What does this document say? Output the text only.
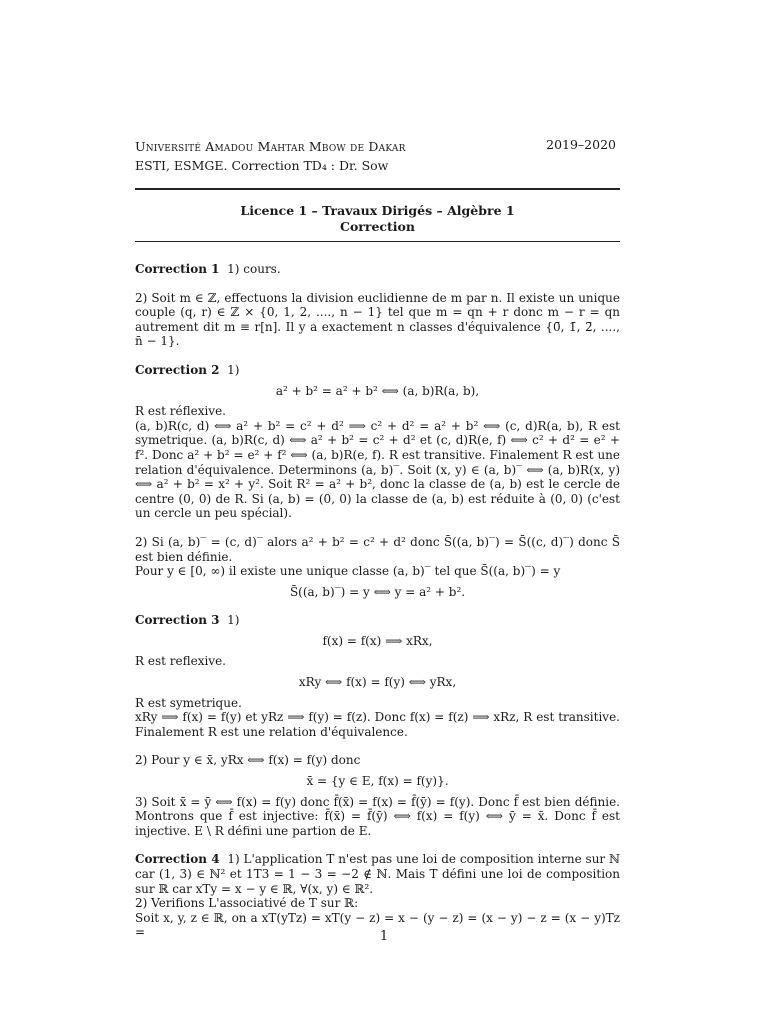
Université Amadou Mahtar Mbow de Dakar
ESTI, ESMGE. Correction TD₄ : Dr. Sow
2019–2020
Licence 1 – Travaux Dirigés – Algèbre 1
Correction

Correction 1 1) cours.

2) Soit m ∈ ℤ, effectuons la division euclidienne de m par n. Il existe un unique couple (q, r) ∈ ℤ × {0, 1, 2, ...., n − 1} tel que m = qn + r donc m − r = qn autrement dit m ≡ r[n]. Il y a exactement n classes d'équivalence {0̄, 1̄, 2̄, ...., n̄ − 1}.

Correction 2 1)

a² + b² = a² + b² ⟺ (a, b)R(a, b),

R est réflexive.

(a, b)R(c, d) ⟺ a² + b² = c² + d² ⟹ c² + d² = a² + b² ⟺ (c, d)R(a, b), R est symetrique. (a, b)R(c, d) ⟺ a² + b² = c² + d² et (c, d)R(e, f) ⟺ c² + d² = e² + f². Donc a² + b² = e² + f² ⟺ (a, b)R(e, f). R est transitive. Finalement R est une relation d'équivalence. Determinons (a, b)‾. Soit (x, y) ∈ (a, b)‾ ⟺ (a, b)R(x, y) ⟺ a² + b² = x² + y². Soit R² = a² + b², donc la classe de (a, b) est le cercle de centre (0, 0) de R. Si (a, b) = (0, 0) la classe de (a, b) est réduite à (0, 0) (c'est un cercle un peu spécial).

2) Si (a, b)‾ = (c, d)‾ alors a² + b² = c² + d² donc S̄((a, b)‾) = S̄((c, d)‾) donc S̄ est bien définie.

Pour y ∈ [0, ∞) il existe une unique classe (a, b)‾ tel que S̄((a, b)‾) = y

S̄((a, b)‾) = y ⟺ y = a² + b².

Correction 3 1)

f(x) = f(x) ⟹ xRx,

R est reflexive.

xRy ⟺ f(x) = f(y) ⟺ yRx,

R est symetrique.

xRy ⟹ f(x) = f(y) et yRz ⟹ f(y) = f(z). Donc f(x) = f(z) ⟹ xRz, R est transitive. Finalement R est une relation d'équivalence.

2) Pour y ∈ x̄, yRx ⟺ f(x) = f(y) donc

x̄ = {y ∈ E, f(x) = f(y)}.

3) Soit x̄ = ȳ ⟺ f(x) = f(y) donc f̄(x̄) = f(x) = f̄(ȳ) = f(y). Donc f̄ est bien définie. Montrons que f̄ est injective: f̄(x̄) = f̄(ȳ) ⟺ f(x) = f(y) ⟺ ȳ = x̄. Donc f̄ est injective. E \ R défini une partion de E.

Correction 4 1) L'application T n'est pas une loi de composition interne sur ℕ car (1, 3) ∈ ℕ² et 1T3 = 1 − 3 = −2 ∉ ℕ. Mais T défini une loi de composition sur ℝ car xTy = x − y ∈ ℝ, ∀(x, y) ∈ ℝ².

2) Verifions L'associativé de T sur ℝ:

Soit x, y, z ∈ ℝ, on a xT(yTz) = xT(y − z) = x − (y − z) = (x − y) − z = (x − y)Tz =	1
